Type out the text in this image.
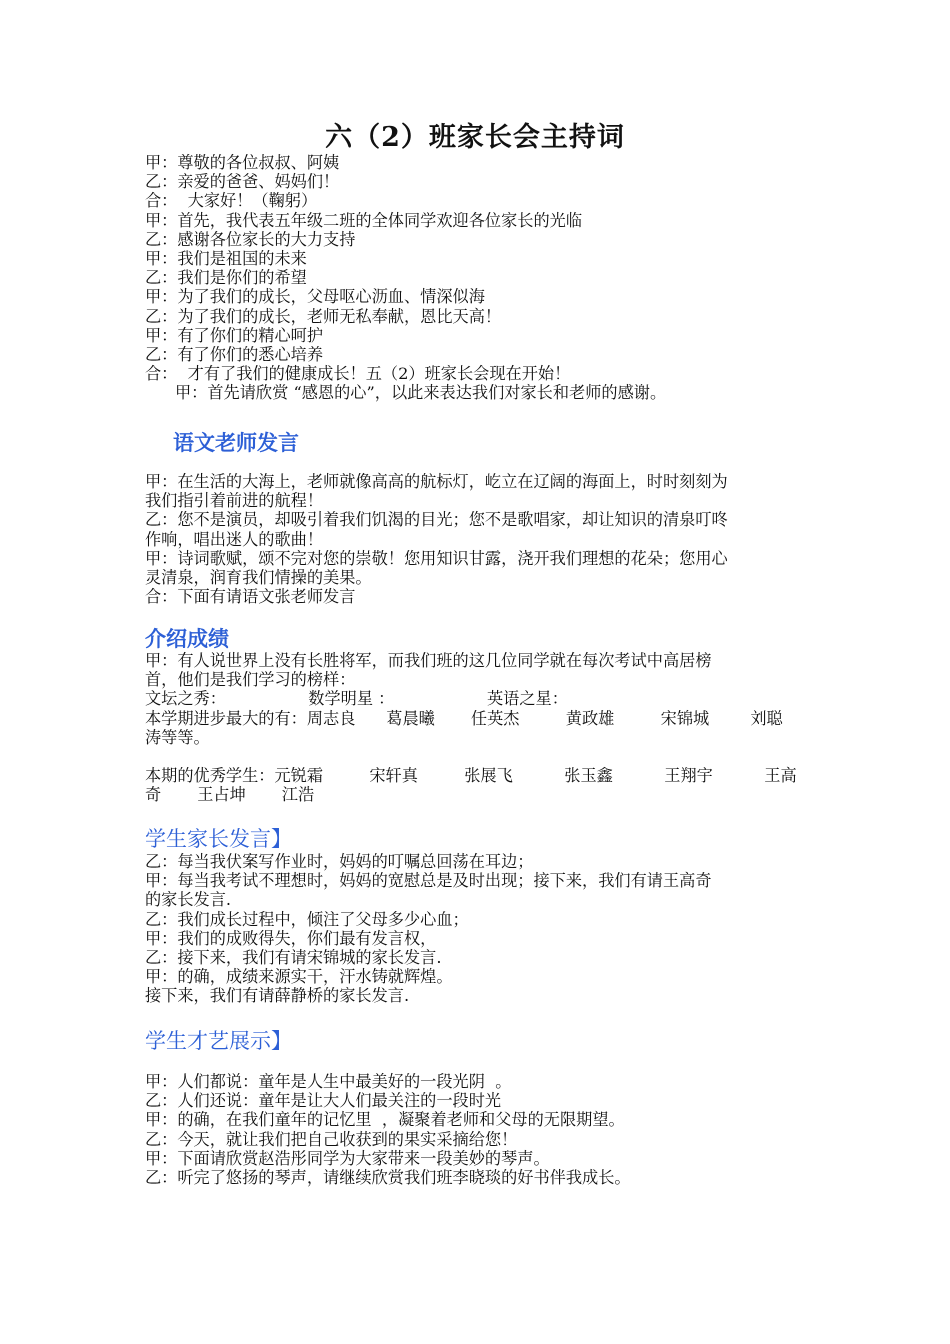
六（2）班家长会主持词
甲：尊敬的各位叔叔、阿姨
乙：亲爱的爸爸、妈妈们！
合：  大家好！（鞠躬）
甲：首先，我代表五年级二班的全体同学欢迎各位家长的光临
乙：感谢各位家长的大力支持
甲：我们是祖国的未来
乙：我们是你们的希望
甲：为了我们的成长，父母呕心沥血、情深似海
乙：为了我们的成长，老师无私奉献，恩比天高！
甲：有了你们的精心呵护
乙：有了你们的悉心培养
合：  才有了我们的健康成长！五（2）班家长会现在开始！
甲：首先请欣赏 “感恩的心”，以此来表达我们对家长和老师的感谢。
语文老师发言
甲：在生活的大海上，老师就像高高的航标灯，屹立在辽阔的海面上，时时刻刻为
我们指引着前进的航程！
乙：您不是演员，却吸引着我们饥渴的目光；您不是歌唱家，却让知识的清泉叮咚
作响，唱出迷人的歌曲！
甲：诗词歌赋，颂不完对您的崇敬！您用知识甘露，浇开我们理想的花朵；您用心
灵清泉，润育我们情操的美果。
合：下面有请语文张老师发言
介绍成绩
甲：有人说世界上没有长胜将军，而我们班的这几位同学就在每次考试中高居榜
首，他们是我们学习的榜样：
文坛之秀：                数学明星 ：                  英语之星：
本学期进步最大的有：周志良      葛晨曦       任英杰         黄政雄         宋锦城        刘聪
涛等等。
本期的优秀学生：元锐霜         宋轩真         张展飞          张玉鑫          王翔宇          王高
奇       王占坤       江浩
学生家长发言】
乙：每当我伏案写作业时，妈妈的叮嘱总回荡在耳边；
甲：每当我考试不理想时，妈妈的宽慰总是及时出现；接下来，我们有请王高奇
的家长发言.
乙：我们成长过程中，倾注了父母多少心血；
甲：我们的成败得失，你们最有发言权，
乙：接下来，我们有请宋锦城的家长发言.
甲：的确，成绩来源实干，汗水铸就辉煌。
接下来，我们有请薛静桥的家长发言.
学生才艺展示】
甲：人们都说：童年是人生中最美好的一段光阴  。
乙：人们还说：童年是让大人们最关注的一段时光
甲：的确，在我们童年的记忆里  ，凝聚着老师和父母的无限期望。
乙：今天，就让我们把自己收获到的果实采摘给您！
甲：下面请欣赏赵浩彤同学为大家带来一段美妙的琴声。
乙：听完了悠扬的琴声，请继续欣赏我们班李晓琰的好书伴我成长。
